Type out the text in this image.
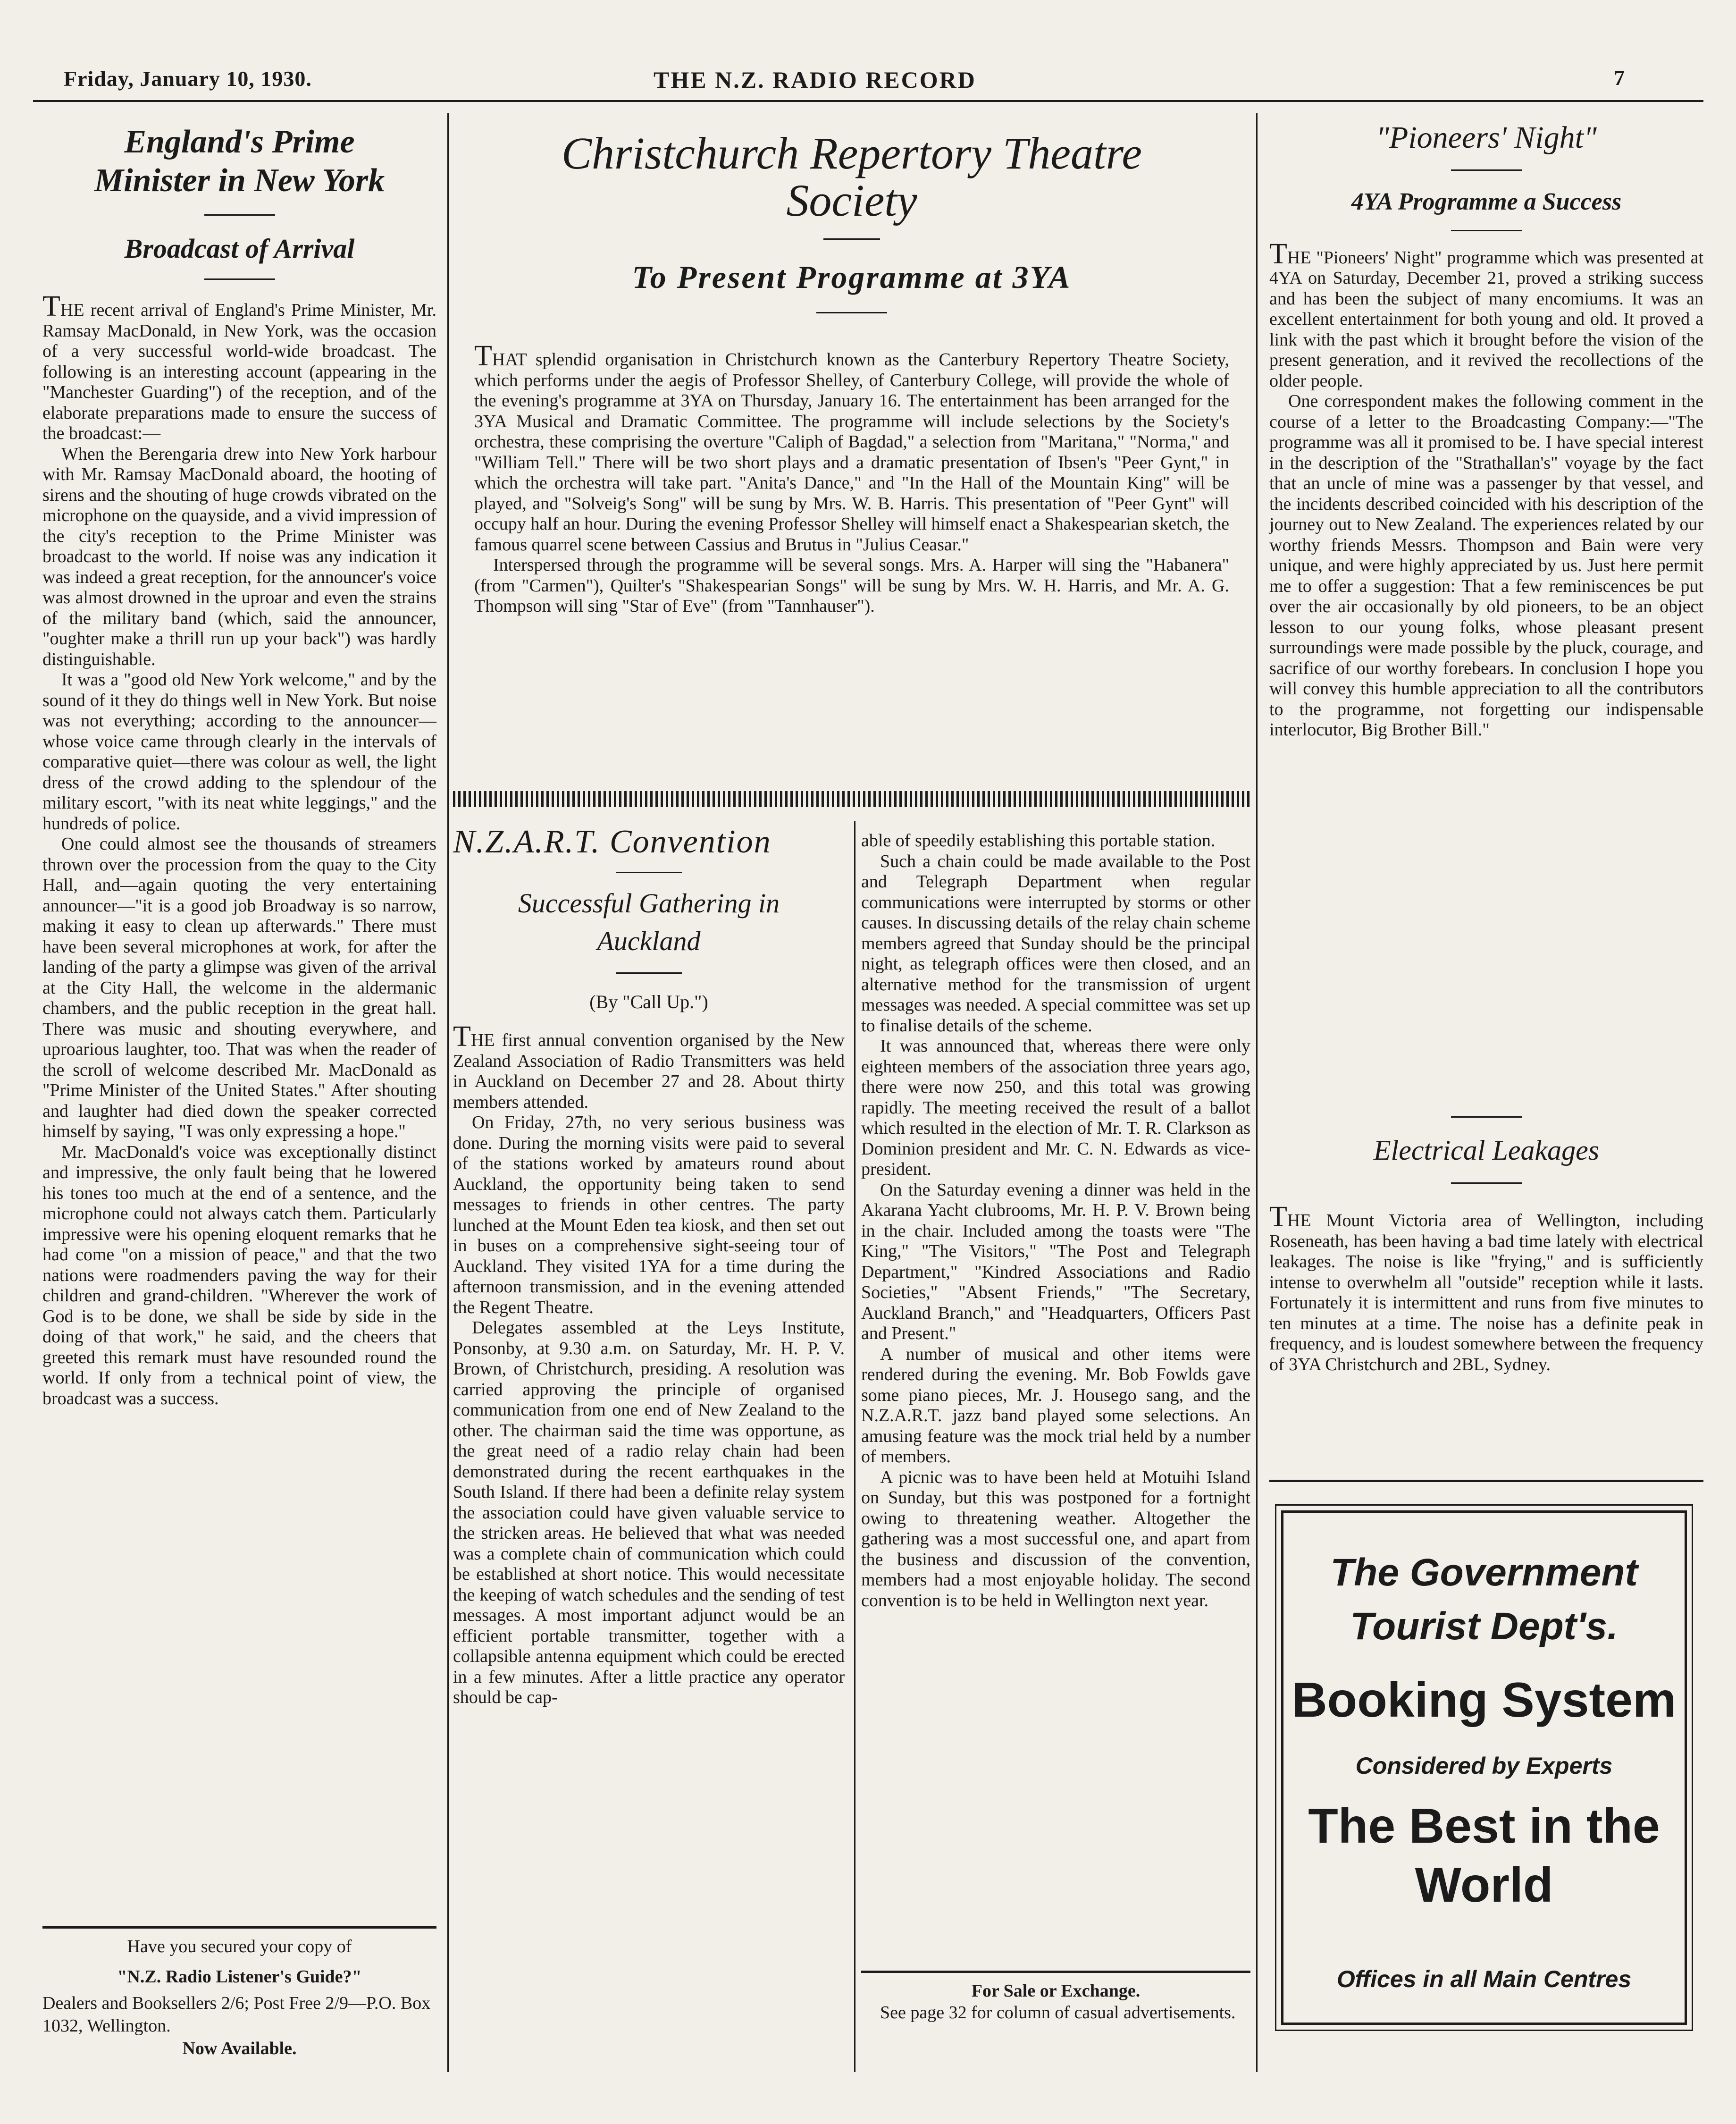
Friday, January 10, 1930.	THE N.Z. RADIO RECORD	7
England's Prime
Minister in New York
Broadcast of Arrival

THE recent arrival of England's Prime Minister, Mr. Ramsay MacDonald, in New York, was the occasion of a very successful world-wide broadcast. The following is an interesting account (appearing in the "Manchester Guarding") of the reception, and of the elaborate preparations made to ensure the success of the broadcast:—

When the Berengaria drew into New York harbour with Mr. Ramsay MacDonald aboard, the hooting of sirens and the shouting of huge crowds vibrated on the microphone on the quayside, and a vivid impression of the city's reception to the Prime Minister was broadcast to the world. If noise was any indication it was indeed a great reception, for the announcer's voice was almost drowned in the uproar and even the strains of the military band (which, said the announcer, "oughter make a thrill run up your back") was hardly distinguishable.

It was a "good old New York welcome," and by the sound of it they do things well in New York. But noise was not everything; according to the announcer—whose voice came through clearly in the intervals of comparative quiet—there was colour as well, the light dress of the crowd adding to the splendour of the military escort, "with its neat white leggings," and the hundreds of police.

One could almost see the thousands of streamers thrown over the procession from the quay to the City Hall, and—again quoting the very entertaining announcer—"it is a good job Broadway is so narrow, making it easy to clean up afterwards." There must have been several microphones at work, for after the landing of the party a glimpse was given of the arrival at the City Hall, the welcome in the aldermanic chambers, and the public reception in the great hall. There was music and shouting everywhere, and uproarious laughter, too. That was when the reader of the scroll of welcome described Mr. MacDonald as "Prime Minister of the United States." After shouting and laughter had died down the speaker corrected himself by saying, "I was only expressing a hope."

Mr. MacDonald's voice was exceptionally distinct and impressive, the only fault being that he lowered his tones too much at the end of a sentence, and the microphone could not always catch them. Particularly impressive were his opening eloquent remarks that he had come "on a mission of peace," and that the two nations were roadmenders paving the way for their children and grand-children. "Wherever the work of God is to be done, we shall be side by side in the doing of that work," he said, and the cheers that greeted this remark must have resounded round the world. If only from a technical point of view, the broadcast was a success.

Have you secured your copy of
"N.Z. Radio Listener's Guide?"
Dealers and Booksellers 2/6; Post Free 2/9—P.O. Box 1032, Wellington.
Now Available.
Christchurch Repertory Theatre
Society
To Present Programme at 3YA

THAT splendid organisation in Christchurch known as the Canterbury Repertory Theatre Society, which performs under the aegis of Professor Shelley, of Canterbury College, will provide the whole of the evening's programme at 3YA on Thursday, January 16. The entertainment has been arranged for the 3YA Musical and Dramatic Committee. The programme will include selections by the Society's orchestra, these comprising the overture "Caliph of Bagdad," a selection from "Maritana," "Norma," and "William Tell." There will be two short plays and a dramatic presentation of Ibsen's "Peer Gynt," in which the orchestra will take part. "Anita's Dance," and "In the Hall of the Mountain King" will be played, and "Solveig's Song" will be sung by Mrs. W. B. Harris. This presentation of "Peer Gynt" will occupy half an hour. During the evening Professor Shelley will himself enact a Shakespearian sketch, the famous quarrel scene between Cassius and Brutus in "Julius Ceasar."

Interspersed through the programme will be several songs. Mrs. A. Harper will sing the "Habanera" (from "Carmen"), Quilter's "Shakespearian Songs" will be sung by Mrs. W. H. Harris, and Mr. A. G. Thompson will sing "Star of Eve" (from "Tannhauser").

N.Z.A.R.T. Convention
Successful Gathering in
Auckland
(By "Call Up.")

THE first annual convention organised by the New Zealand Association of Radio Transmitters was held in Auckland on December 27 and 28. About thirty members attended.

On Friday, 27th, no very serious business was done. During the morning visits were paid to several of the stations worked by amateurs round about Auckland, the opportunity being taken to send messages to friends in other centres. The party lunched at the Mount Eden tea kiosk, and then set out in buses on a comprehensive sight-seeing tour of Auckland. They visited 1YA for a time during the afternoon transmission, and in the evening attended the Regent Theatre.

Delegates assembled at the Leys Institute, Ponsonby, at 9.30 a.m. on Saturday, Mr. H. P. V. Brown, of Christchurch, presiding. A resolution was carried approving the principle of organised communication from one end of New Zealand to the other. The chairman said the time was opportune, as the great need of a radio relay chain had been demonstrated during the recent earthquakes in the South Island. If there had been a definite relay system the association could have given valuable service to the stricken areas. He believed that what was needed was a complete chain of communication which could be established at short notice. This would necessitate the keeping of watch schedules and the sending of test messages. A most important adjunct would be an efficient portable transmitter, together with a collapsible antenna equipment which could be erected in a few minutes. After a little practice any operator should be cap-

able of speedily establishing this portable station.

Such a chain could be made available to the Post and Telegraph Department when regular communications were interrupted by storms or other causes. In discussing details of the relay chain scheme members agreed that Sunday should be the principal night, as telegraph offices were then closed, and an alternative method for the transmission of urgent messages was needed. A special committee was set up to finalise details of the scheme.

It was announced that, whereas there were only eighteen members of the association three years ago, there were now 250, and this total was growing rapidly. The meeting received the result of a ballot which resulted in the election of Mr. T. R. Clarkson as Dominion president and Mr. C. N. Edwards as vice-president.

On the Saturday evening a dinner was held in the Akarana Yacht clubrooms, Mr. H. P. V. Brown being in the chair. Included among the toasts were "The King," "The Visitors," "The Post and Telegraph Department," "Kindred Associations and Radio Societies," "Absent Friends," "The Secretary, Auckland Branch," and "Headquarters, Officers Past and Present."

A number of musical and other items were rendered during the evening. Mr. Bob Fowlds gave some piano pieces, Mr. J. Housego sang, and the N.Z.A.R.T. jazz band played some selections. An amusing feature was the mock trial held by a number of members.

A picnic was to have been held at Motuihi Island on Sunday, but this was postponed for a fortnight owing to threatening weather. Altogether the gathering was a most successful one, and apart from the business and discussion of the convention, members had a most enjoyable holiday. The second convention is to be held in Wellington next year.

For Sale or Exchange.
See page 32 for column of casual advertisements.
"Pioneers' Night"
4YA Programme a Success

THE "Pioneers' Night" programme which was presented at 4YA on Saturday, December 21, proved a striking success and has been the subject of many encomiums. It was an excellent entertainment for both young and old. It proved a link with the past which it brought before the vision of the present generation, and it revived the recollections of the older people.

One correspondent makes the following comment in the course of a letter to the Broadcasting Company:—"The programme was all it promised to be. I have special interest in the description of the "Strathallan's" voyage by the fact that an uncle of mine was a passenger by that vessel, and the incidents described coincided with his description of the journey out to New Zealand. The experiences related by our worthy friends Messrs. Thompson and Bain were very unique, and were highly appreciated by us. Just here permit me to offer a suggestion: That a few reminiscences be put over the air occasionally by old pioneers, to be an object lesson to our young folks, whose pleasant present surroundings were made possible by the pluck, courage, and sacrifice of our worthy forebears. In conclusion I hope you will convey this humble appreciation to all the contributors to the programme, not forgetting our indispensable interlocutor, Big Brother Bill."

Electrical Leakages

THE Mount Victoria area of Wellington, including Roseneath, has been having a bad time lately with electrical leakages. The noise is like "frying," and is sufficiently intense to overwhelm all "outside" reception while it lasts. Fortunately it is intermittent and runs from five minutes to ten minutes at a time. The noise has a definite peak in frequency, and is loudest somewhere between the frequency of 3YA Christchurch and 2BL, Sydney.

The Government
Tourist Dept's.
Booking System
Considered by Experts
The Best in the
World
Offices in all Main Centres
